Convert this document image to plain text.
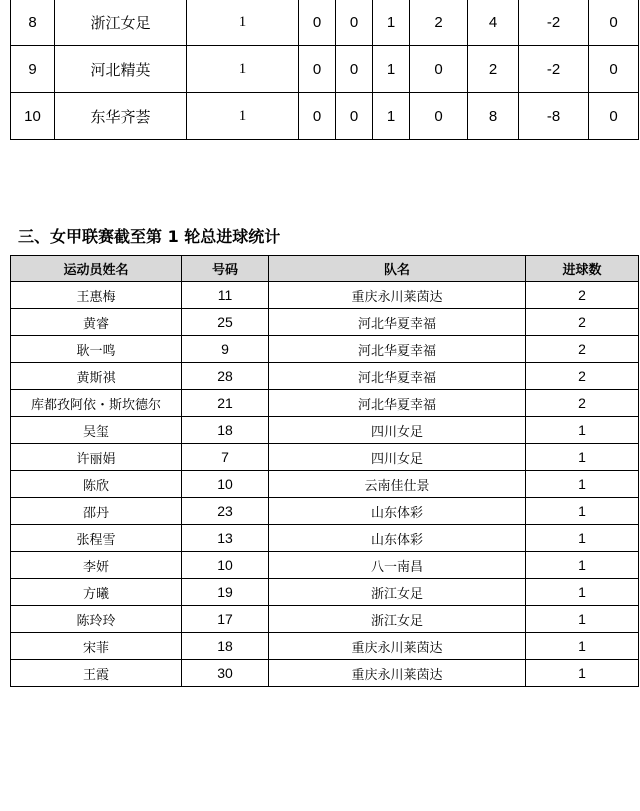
8	浙江女足	1	0	0	1	2	4	-2	0
9	河北精英	1	0	0	1	0	2	-2	0
10	东华齐荟	1	0	0	1	0	8	-8	0
三、女甲联赛截至第 1 轮总进球统计
运动员姓名	号码	队名	进球数
王惠梅	11	重庆永川莱茵达	2
黄睿	25	河北华夏幸福	2
耿一鸣	9	河北华夏幸福	2
黄斯祺	28	河北华夏幸福	2
库都孜阿依・斯坎德尔	21	河北华夏幸福	2
吴玺	18	四川女足	1
许丽娟	7	四川女足	1
陈欣	10	云南佳仕景	1
邵丹	23	山东体彩	1
张程雪	13	山东体彩	1
李妍	10	八一南昌	1
方曦	19	浙江女足	1
陈玲玲	17	浙江女足	1
宋菲	18	重庆永川莱茵达	1
王霞	30	重庆永川莱茵达	1
